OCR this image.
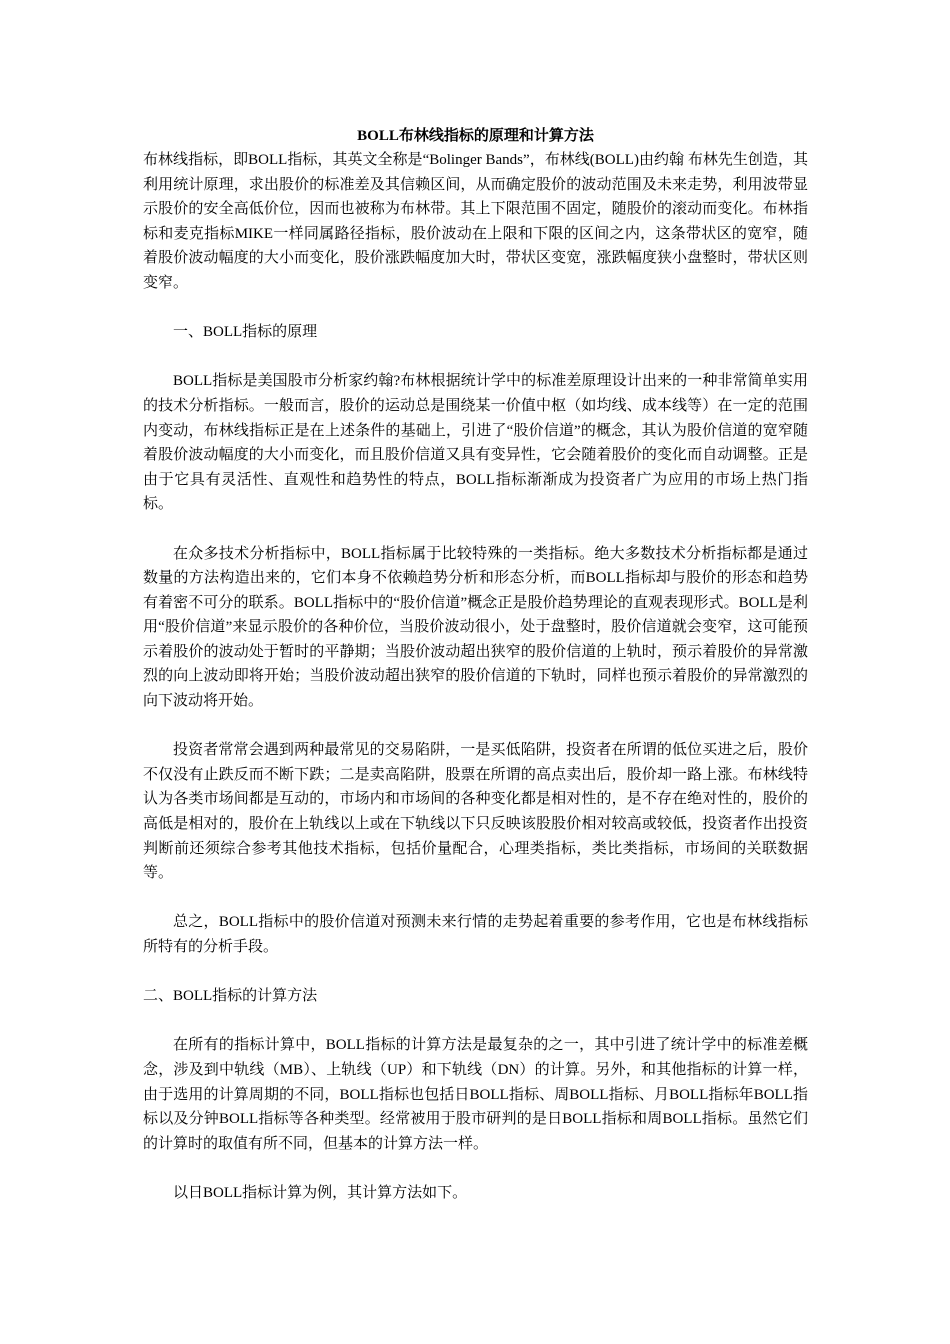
BOLL布林线指标的原理和计算方法

布林线指标，即BOLL指标，其英文全称是“Bolinger Bands”，布林线(BOLL)由约翰 布林先生创造，其利用统计原理，求出股价的标准差及其信赖区间，从而确定股价的波动范围及未来走势，利用波带显示股价的安全高低价位，因而也被称为布林带。其上下限范围不固定，随股价的滚动而变化。布林指标和麦克指标MIKE一样同属路径指标，股价波动在上限和下限的区间之内，这条带状区的宽窄，随着股价波动幅度的大小而变化，股价涨跌幅度加大时，带状区变宽，涨跌幅度狭小盘整时，带状区则变窄。

一、BOLL指标的原理

BOLL指标是美国股市分析家约翰?布林根据统计学中的标准差原理设计出来的一种非常简单实用的技术分析指标。一般而言，股价的运动总是围绕某一价值中枢（如均线、成本线等）在一定的范围内变动，布林线指标正是在上述条件的基础上，引进了“股价信道”的概念，其认为股价信道的宽窄随着股价波动幅度的大小而变化，而且股价信道又具有变异性，它会随着股价的变化而自动调整。正是由于它具有灵活性、直观性和趋势性的特点，BOLL指标渐渐成为投资者广为应用的市场上热门指标。

在众多技术分析指标中，BOLL指标属于比较特殊的一类指标。绝大多数技术分析指标都是通过数量的方法构造出来的，它们本身不依赖趋势分析和形态分析，而BOLL指标却与股价的形态和趋势有着密不可分的联系。BOLL指标中的“股价信道”概念正是股价趋势理论的直观表现形式。BOLL是利用“股价信道”来显示股价的各种价位，当股价波动很小，处于盘整时，股价信道就会变窄，这可能预示着股价的波动处于暂时的平静期；当股价波动超出狭窄的股价信道的上轨时，预示着股价的异常激烈的向上波动即将开始；当股价波动超出狭窄的股价信道的下轨时，同样也预示着股价的异常激烈的向下波动将开始。

投资者常常会遇到两种最常见的交易陷阱，一是买低陷阱，投资者在所谓的低位买进之后，股价不仅没有止跌反而不断下跌；二是卖高陷阱，股票在所谓的高点卖出后，股价却一路上涨。布林线特认为各类市场间都是互动的，市场内和市场间的各种变化都是相对性的，是不存在绝对性的，股价的高低是相对的，股价在上轨线以上或在下轨线以下只反映该股股价相对较高或较低，投资者作出投资判断前还须综合参考其他技术指标，包括价量配合，心理类指标，类比类指标，市场间的关联数据等。

总之，BOLL指标中的股价信道对预测未来行情的走势起着重要的参考作用，它也是布林线指标所特有的分析手段。

二、BOLL指标的计算方法

在所有的指标计算中，BOLL指标的计算方法是最复杂的之一，其中引进了统计学中的标准差概念，涉及到中轨线（MB）、上轨线（UP）和下轨线（DN）的计算。另外，和其他指标的计算一样，由于选用的计算周期的不同，BOLL指标也包括日BOLL指标、周BOLL指标、月BOLL指标年BOLL指标以及分钟BOLL指标等各种类型。经常被用于股市研判的是日BOLL指标和周BOLL指标。虽然它们的计算时的取值有所不同，但基本的计算方法一样。

以日BOLL指标计算为例，其计算方法如下。
